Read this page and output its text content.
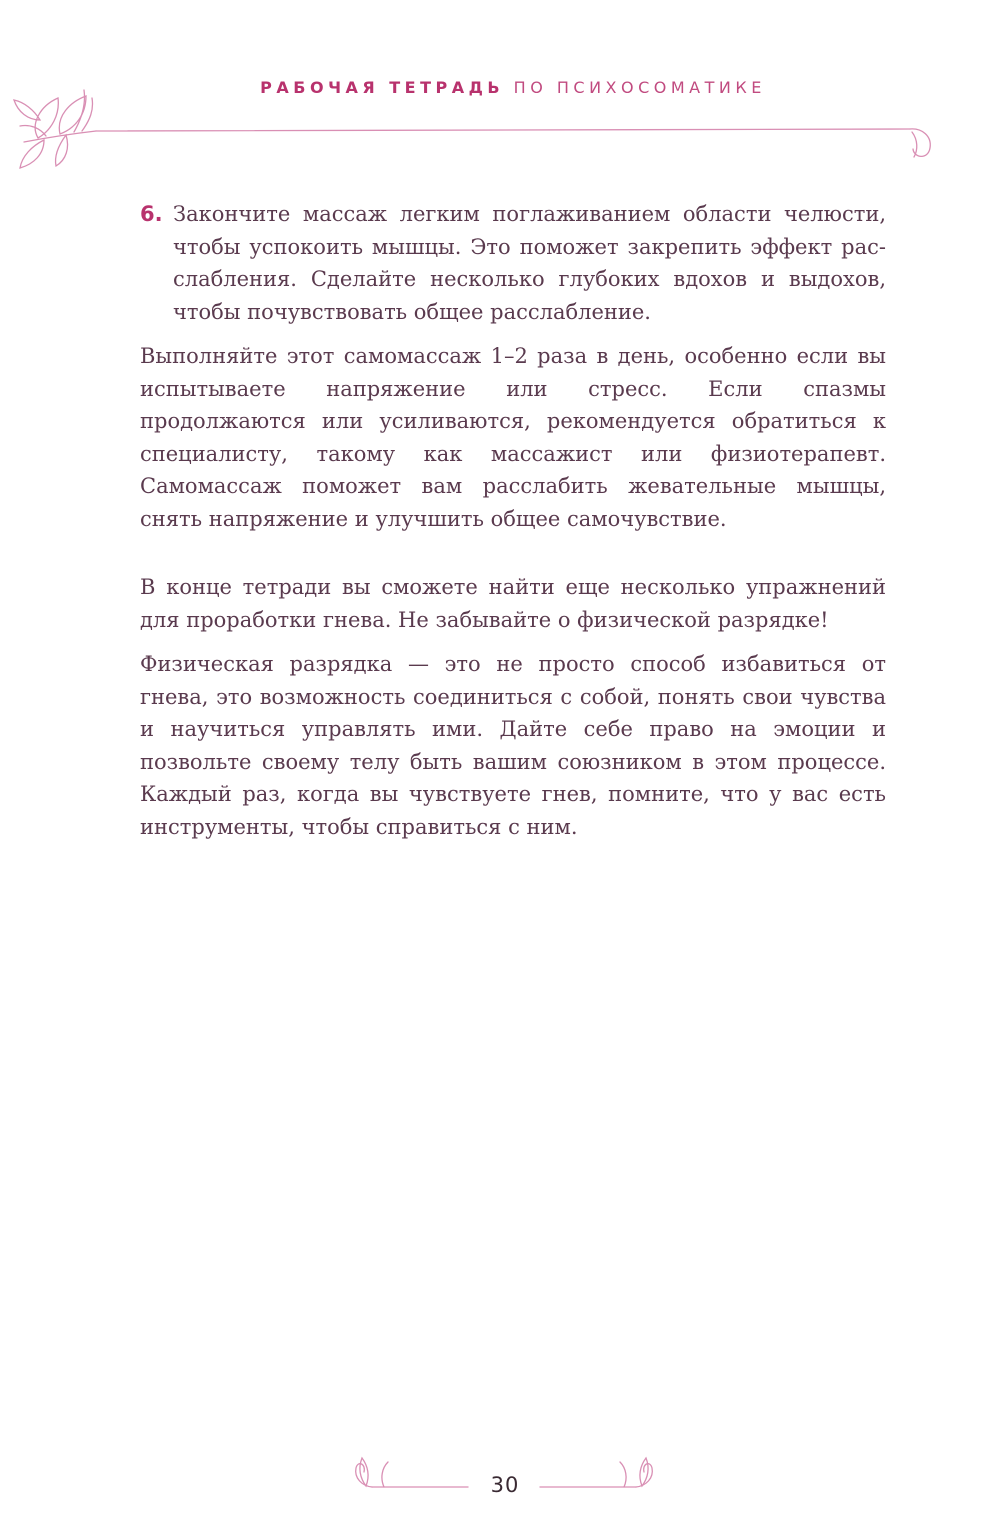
РАБОЧАЯ ТЕТРАДЬ ПО ПСИХОСОМАТИКЕ
6. Закончите массаж легким поглаживанием области челюсти, чтобы успокоить мышцы. Это поможет закрепить эффект расслабления. Сделайте несколько глубоких вдохов и выдохов, чтобы почувствовать общее расслабление.

Выполняйте этот самомассаж 1–2 раза в день, особенно если вы испытываете напряжение или стресс. Если спазмы продолжаются или усиливаются, рекомендуется обратиться к специалисту, такому как массажист или физиотерапевт. Самомассаж поможет вам расслабить жевательные мышцы, снять напряжение и улучшить общее самочувствие.

В конце тетради вы сможете найти еще несколько упражнений для проработки гнева. Не забывайте о физической разрядке!

Физическая разрядка — это не просто способ избавиться от гнева, это возможность соединиться с собой, понять свои чувства и научиться управлять ими. Дайте себе право на эмоции и позвольте своему телу быть вашим союзником в этом процессе. Каждый раз, когда вы чувствуете гнев, помните, что у вас есть инструменты, чтобы справиться с ним.

30
